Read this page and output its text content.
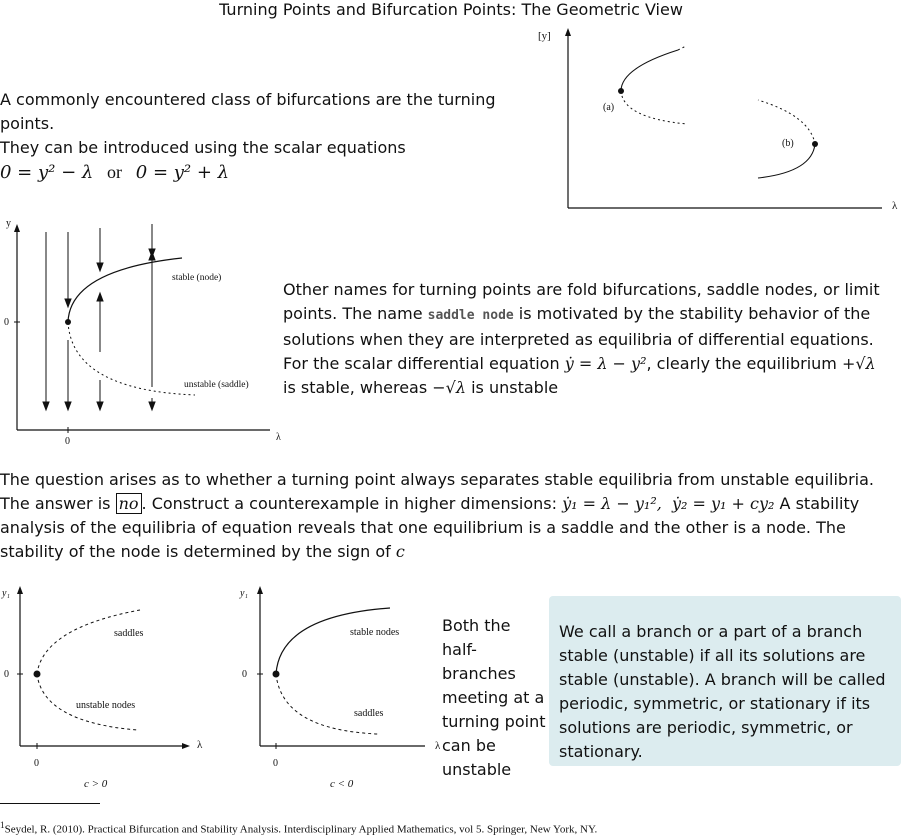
Turning Points and Bifurcation Points: The Geometric View
A commonly encountered class of bifurcations are the turning points.
They can be introduced using the scalar equations
0 = y² − λ or 0 = y² + λ
[y]
λ
(a)
(b)
y
λ
0
0
stable (node)
unstable (saddle)
Other names for turning points are fold bifurcations, saddle nodes, or limit points. The name saddle node is motivated by the stability behavior of the solutions when they are interpreted as equilibria of differential equations. For the scalar differential equation ẏ = λ − y², clearly the equilibrium +√λ is stable, whereas −√λ is unstable
The question arises as to whether a turning point always separates stable equilibria from unstable equilibria. The answer is no . Construct a counterexample in higher dimensions: ẏ₁ = λ − y₁², ẏ₂ = y₁ + cy₂ A stability analysis of the equilibria of equation reveals that one equilibrium is a saddle and the other is a node. The stability of the node is determined by the sign of c
y₁
λ
0
0
saddles
unstable nodes
c > 0
y₁
λ
0
0
stable nodes
saddles
c < 0
Both the half-branches meeting at a turning point can be unstable
We call a branch or a part of a branch stable (unstable) if all its solutions are stable (unstable). A branch will be called periodic, symmetric, or stationary if its solutions are periodic, symmetric, or stationary.
$^1$Seydel, R. (2010). Practical Bifurcation and Stability Analysis. Interdisciplinary Applied Mathematics, vol 5. Springer, New York, NY.
